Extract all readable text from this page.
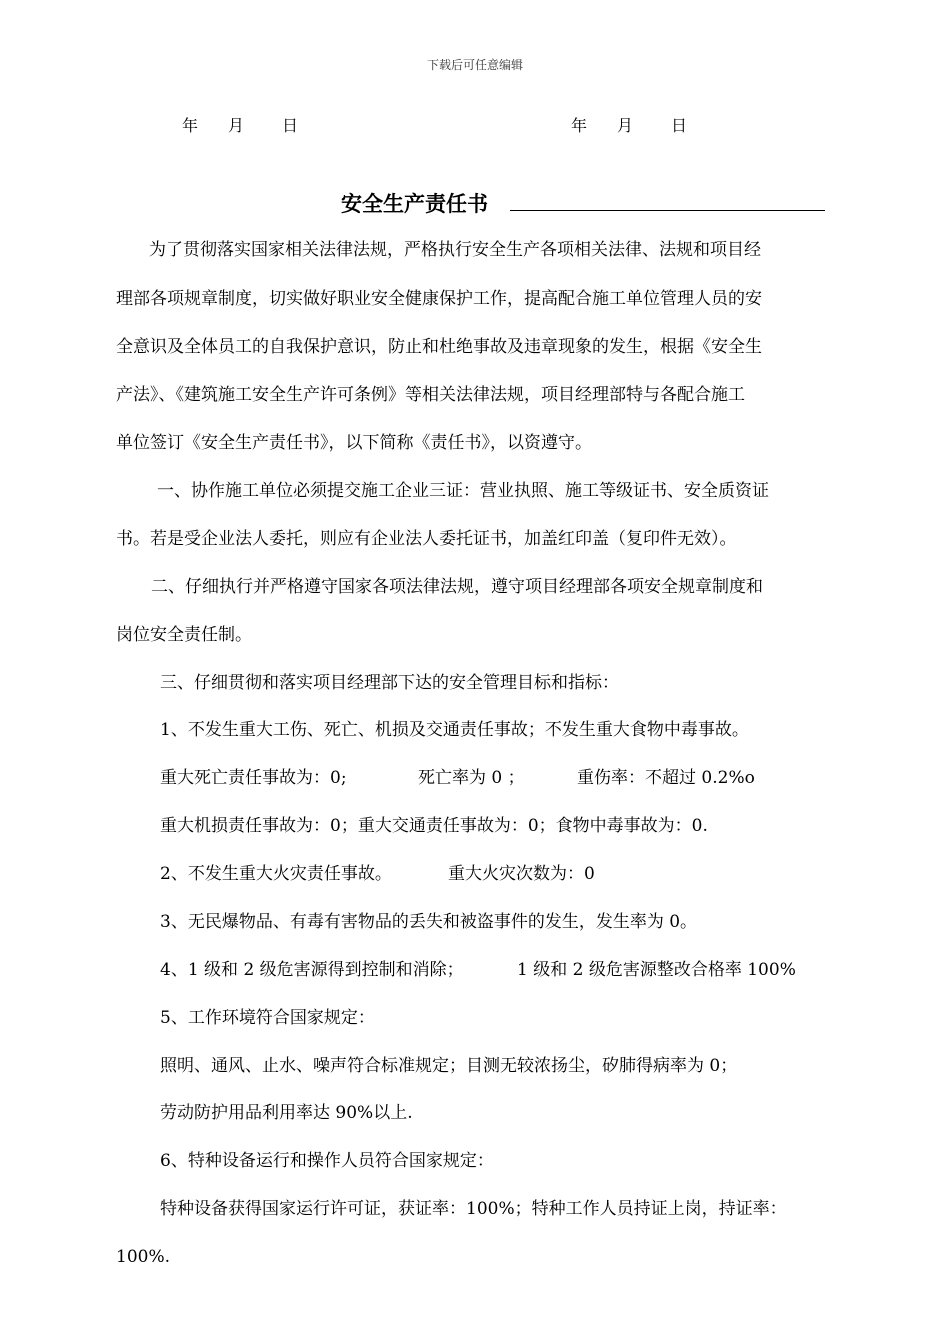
下载后可任意编辑
年 月 日	年 月 日
安全生产责任书
为了贯彻落实国家相关法律法规，严格执行安全生产各项相关法律、法规和项目经
理部各项规章制度，切实做好职业安全健康保护工作，提高配合施工单位管理人员的安
全意识及全体员工的自我保护意识，防止和杜绝事故及违章现象的发生，根据《安全生
产法》、《建筑施工安全生产许可条例》等相关法律法规，项目经理部特与各配合施工
单位签订《安全生产责任书》，以下简称《责任书》，以资遵守。
一、协作施工单位必须提交施工企业三证：营业执照、施工等级证书、安全质资证
书。若是受企业法人委托，则应有企业法人委托证书，加盖红印盖（复印件无效）。
二、仔细执行并严格遵守国家各项法律法规，遵守项目经理部各项安全规章制度和
岗位安全责任制。
三、仔细贯彻和落实项目经理部下达的安全管理目标和指标：
1、不发生重大工伤、死亡、机损及交通责任事故；不发生重大食物中毒事故。
重大死亡责任事故为：0;	死亡率为 0 ；	重伤率：不超过 0.2%o
重大机损责任事故为：0；重大交通责任事故为：0；食物中毒事故为：0.
2、不发生重大火灾责任事故。	重大火灾次数为：0
3、无民爆物品、有毒有害物品的丢失和被盗事件的发生，发生率为 0。
4、1 级和 2 级危害源得到控制和消除；	1 级和 2 级危害源整改合格率 100%
5、工作环境符合国家规定：
照明、通风、止水、噪声符合标准规定；目测无较浓扬尘，矽肺得病率为 0；
劳动防护用品利用率达 90%以上.
6、特种设备运行和操作人员符合国家规定：
特种设备获得国家运行许可证，获证率：100%；特种工作人员持证上岗，持证率：
100%.
